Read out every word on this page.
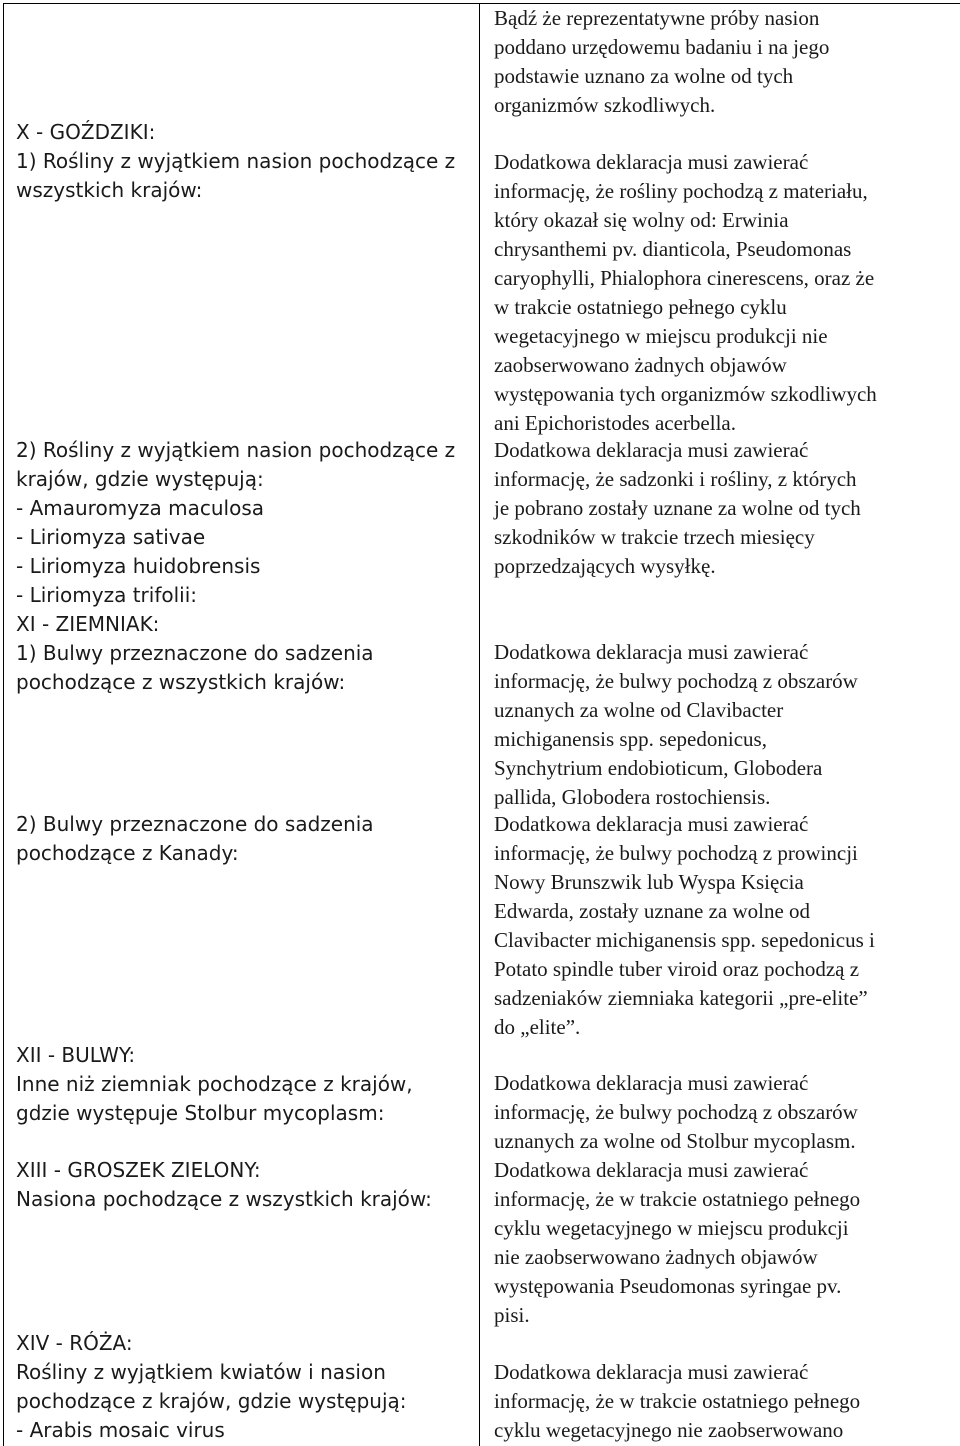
X - GOŹDZIKI:
1) Rośliny z wyjątkiem nasion pochodzące z
wszystkich krajów:
2) Rośliny z wyjątkiem nasion pochodzące z
krajów, gdzie występują:
- Amauromyza maculosa
- Liriomyza sativae
- Liriomyza huidobrensis
- Liriomyza trifolii:
XI - ZIEMNIAK:
1) Bulwy przeznaczone do sadzenia
pochodzące z wszystkich krajów:
2) Bulwy przeznaczone do sadzenia
pochodzące z Kanady:
XII - BULWY:
Inne niż ziemniak pochodzące z krajów,
gdzie występuje Stolbur mycoplasm:
XIII - GROSZEK ZIELONY:
Nasiona pochodzące z wszystkich krajów:
XIV - RÓŻA:
Rośliny z wyjątkiem kwiatów i nasion
pochodzące z krajów, gdzie występują:
- Arabis mosaic virus
Bądź że reprezentatywne próby nasion
poddano urzędowemu badaniu i na jego
podstawie uznano za wolne od tych
organizmów szkodliwych.
Dodatkowa deklaracja musi zawierać
informację, że rośliny pochodzą z materiału,
który okazał się wolny od: Erwinia
chrysanthemi pv. dianticola, Pseudomonas
caryophylli, Phialophora cinerescens, oraz że
w trakcie ostatniego pełnego cyklu
wegetacyjnego w miejscu produkcji nie
zaobserwowano żadnych objawów
występowania tych organizmów szkodliwych
ani Epichoristodes acerbella.
Dodatkowa deklaracja musi zawierać
informację, że sadzonki i rośliny, z których
je pobrano zostały uznane za wolne od tych
szkodników w trakcie trzech miesięcy
poprzedzających wysyłkę.
Dodatkowa deklaracja musi zawierać
informację, że bulwy pochodzą z obszarów
uznanych za wolne od Clavibacter
michiganensis spp. sepedonicus,
Synchytrium endobioticum, Globodera
pallida, Globodera rostochiensis.
Dodatkowa deklaracja musi zawierać
informację, że bulwy pochodzą z prowincji
Nowy Brunszwik lub Wyspa Księcia
Edwarda, zostały uznane za wolne od
Clavibacter michiganensis spp. sepedonicus i
Potato spindle tuber viroid oraz pochodzą z
sadzeniaków ziemniaka kategorii „pre-elite”
do „elite”.
Dodatkowa deklaracja musi zawierać
informację, że bulwy pochodzą z obszarów
uznanych za wolne od Stolbur mycoplasm.
Dodatkowa deklaracja musi zawierać
informację, że w trakcie ostatniego pełnego
cyklu wegetacyjnego w miejscu produkcji
nie zaobserwowano żadnych objawów
występowania Pseudomonas syringae pv.
pisi.
Dodatkowa deklaracja musi zawierać
informację, że w trakcie ostatniego pełnego
cyklu wegetacyjnego nie zaobserwowano
